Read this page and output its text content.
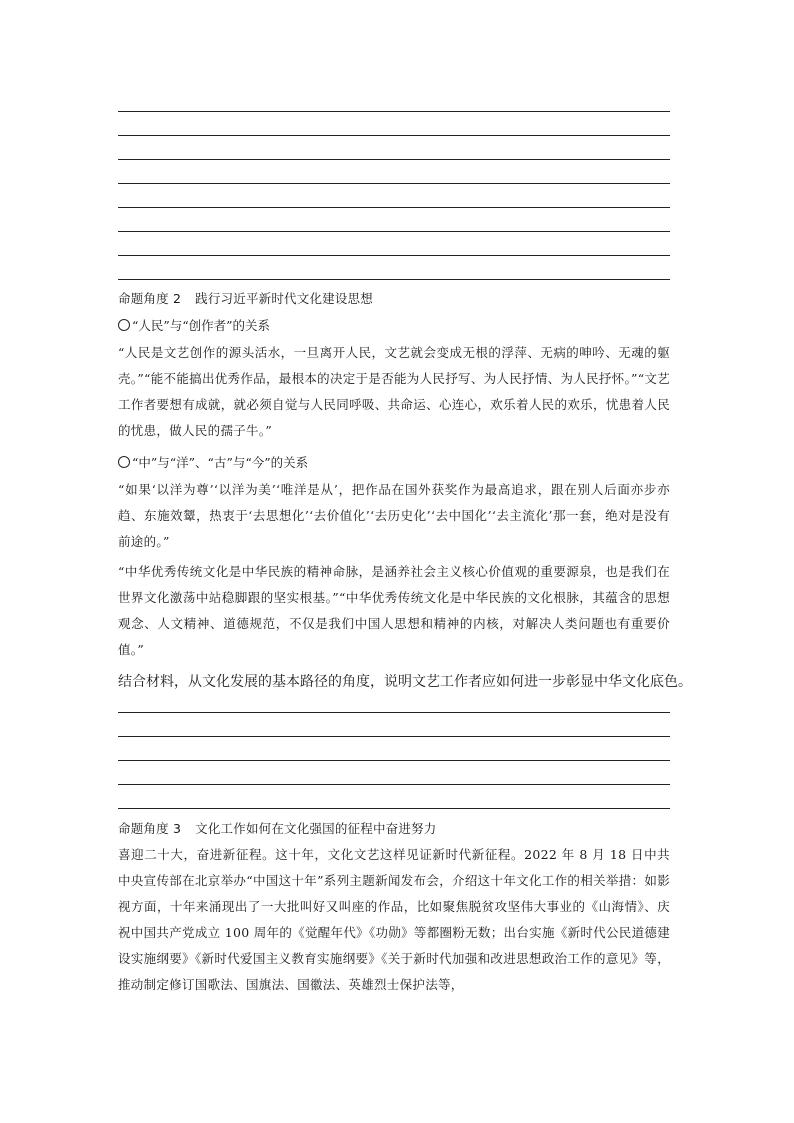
命题角度 2 践行习近平新时代文化建设思想
“人民”与“创作者”的关系
“人民是文艺创作的源头活水，一旦离开人民，文艺就会变成无根的浮萍、无病的呻吟、无魂的躯壳。”“能不能搞出优秀作品，最根本的决定于是否能为人民抒写、为人民抒情、为人民抒怀。”“文艺工作者要想有成就，就必须自觉与人民同呼吸、共命运、心连心，欢乐着人民的欢乐，忧患着人民的忧患，做人民的孺子牛。”
“中”与“洋”、“古”与“今”的关系
“如果‘以洋为尊’‘以洋为美’‘唯洋是从’，把作品在国外获奖作为最高追求，跟在别人后面亦步亦趋、东施效颦，热衷于‘去思想化’‘去价值化’‘去历史化’‘去中国化’‘去主流化’那一套，绝对是没有前途的。”
“中华优秀传统文化是中华民族的精神命脉，是涵养社会主义核心价值观的重要源泉，也是我们在世界文化激荡中站稳脚跟的坚实根基。”“中华优秀传统文化是中华民族的文化根脉，其蕴含的思想观念、人文精神、道德规范，不仅是我们中国人思想和精神的内核，对解决人类问题也有重要价值。”
结合材料，从文化发展的基本路径的角度，说明文艺工作者应如何进一步彰显中华文化底色。
命题角度 3 文化工作如何在文化强国的征程中奋进努力
喜迎二十大，奋进新征程。这十年，文化文艺这样见证新时代新征程。2022 年 8 月 18 日中共中央宣传部在北京举办“中国这十年”系列主题新闻发布会，介绍这十年文化工作的相关举措：如影视方面，十年来涌现出了一大批叫好又叫座的作品，比如聚焦脱贫攻坚伟大事业的《山海情》、庆祝中国共产党成立 100 周年的《觉醒年代》《功勋》等都圈粉无数；出台实施《新时代公民道德建设实施纲要》《新时代爱国主义教育实施纲要》《关于新时代加强和改进思想政治工作的意见》等，推动制定修订国歌法、国旗法、国徽法、英雄烈士保护法等，
